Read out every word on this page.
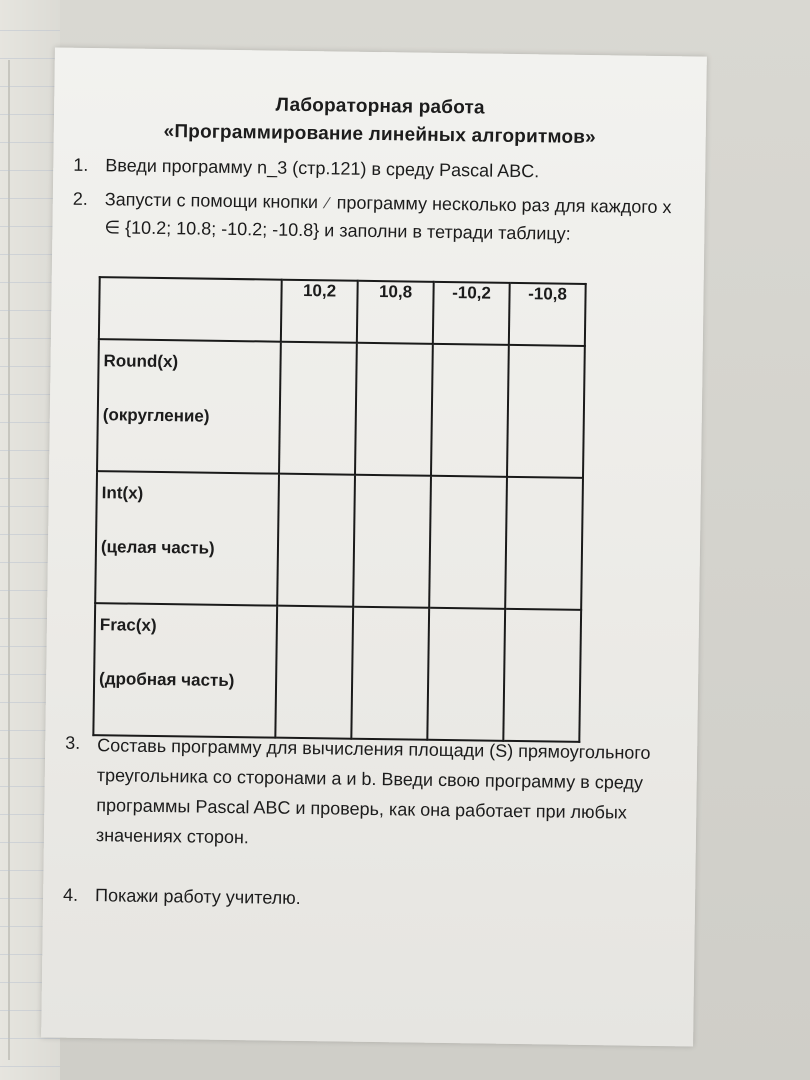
Лабораторная работа
«Программирование линейных алгоритмов»
1. Введи программу n_3 (стр.121) в среду Pascal ABC.
2. Запусти с помощи кнопки ⁄ программу несколько раз для каждого x ∈ {10.2; 10.8; -10.2; -10.8} и заполни в тетради таблицу:
	10,2	10,8	-10,2	-10,8

Round(x)
(округление)				

Int(x)
(целая часть)				

Frac(x)
(дробная часть)				

3. Составь программу для вычисления площади (S) прямоугольного треугольника со сторонами a и b. Введи свою программу в среду программы Pascal ABC и проверь, как она работает при любых значениях сторон.
4. Покажи работу учителю.
